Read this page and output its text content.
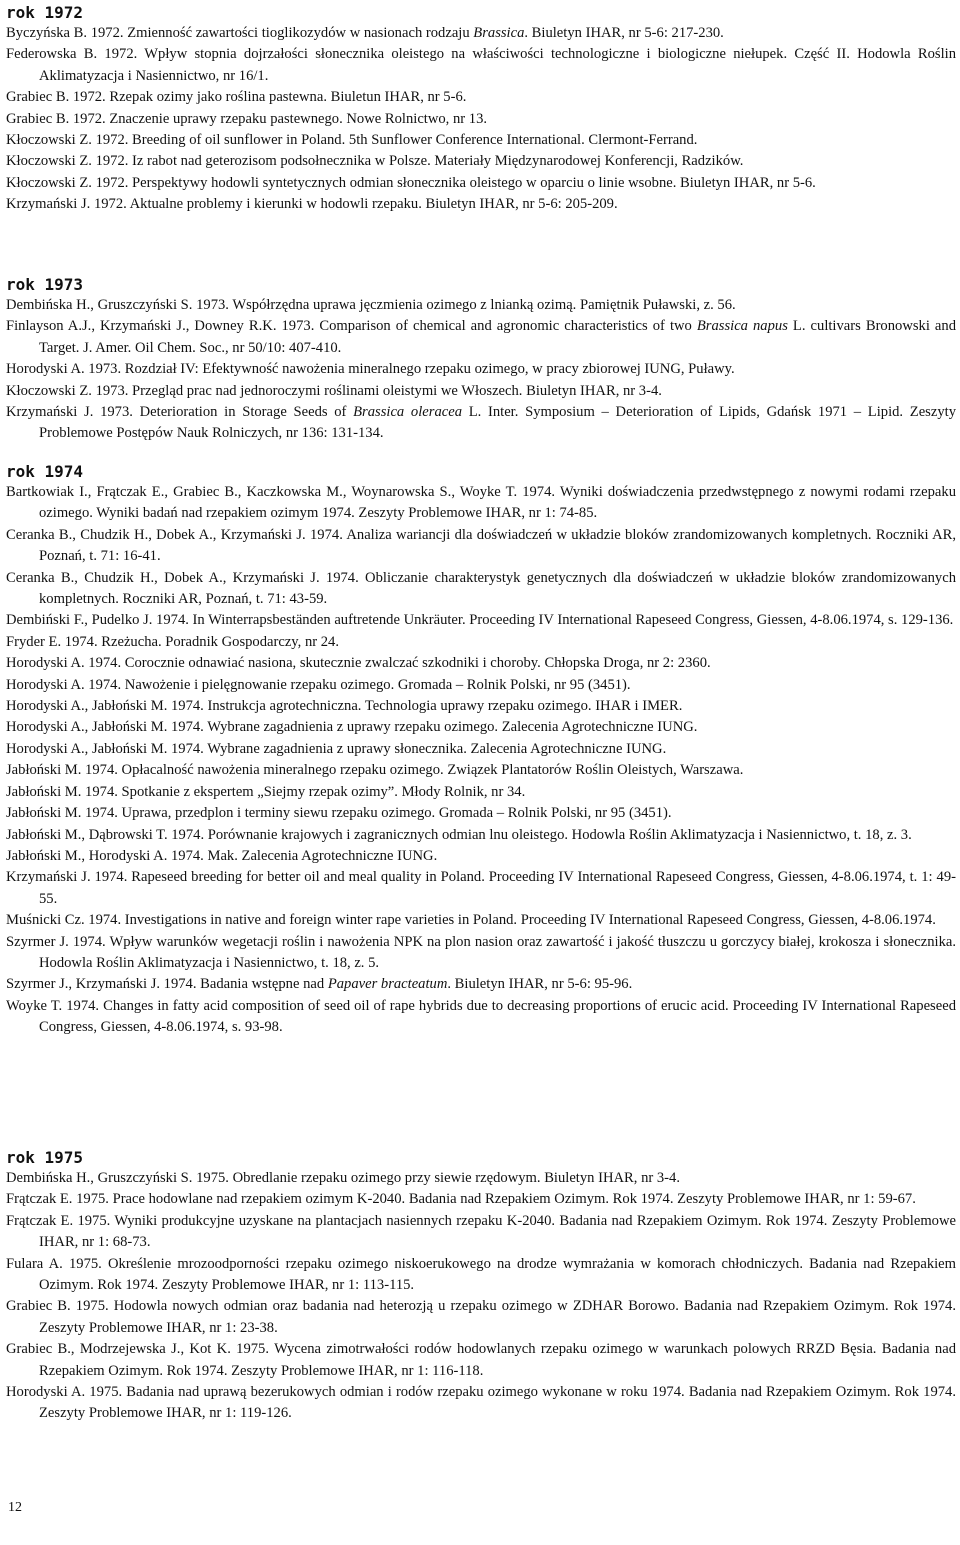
rok 1972

Byczyńska B. 1972. Zmienność zawartości tioglikozydów w nasionach rodzaju Brassica. Biuletyn IHAR, nr 5-6: 217-230.

Federowska B. 1972. Wpływ stopnia dojrzałości słonecznika oleistego na właściwości technologiczne i biologiczne niełupek. Część II. Hodowla Roślin Aklimatyzacja i Nasiennictwo, nr 16/1.

Grabiec B. 1972. Rzepak ozimy jako roślina pastewna. Biuletun IHAR, nr 5-6.

Grabiec B. 1972. Znaczenie uprawy rzepaku pastewnego. Nowe Rolnictwo, nr 13.

Kłoczowski Z. 1972. Breeding of oil sunflower in Poland. 5th Sunflower Conference International. Clermont-Ferrand.

Kłoczowski Z. 1972. Iz rabot nad geterozisom podsołnecznika w Polsze. Materiały Międzynarodowej Konferencji, Radzików.

Kłoczowski Z. 1972. Perspektywy hodowli syntetycznych odmian słonecznika oleistego w oparciu o linie wsobne. Biuletyn IHAR, nr 5-6.

Krzymański J. 1972. Aktualne problemy i kierunki w hodowli rzepaku. Biuletyn IHAR, nr 5-6: 205-209.

rok 1973

Dembińska H., Gruszczyński S. 1973. Współrzędna uprawa jęczmienia ozimego z lnianką ozimą. Pamiętnik Puławski, z. 56.

Finlayson A.J., Krzymański J., Downey R.K. 1973. Comparison of chemical and agronomic characteristics of two Brassica napus L. cultivars Bronowski and Target. J. Amer. Oil Chem. Soc., nr 50/10: 407-410.

Horodyski A. 1973. Rozdział IV: Efektywność nawożenia mineralnego rzepaku ozimego, w pracy zbiorowej IUNG, Puławy.

Kłoczowski Z. 1973. Przegląd prac nad jednoroczymi roślinami oleistymi we Włoszech. Biuletyn IHAR, nr 3-4.

Krzymański J. 1973. Deterioration in Storage Seeds of Brassica oleracea L. Inter. Symposium – Deterioration of Lipids, Gdańsk 1971 – Lipid. Zeszyty Problemowe Postępów Nauk Rolniczych, nr 136: 131-134.

rok 1974

Bartkowiak I., Frątczak E., Grabiec B., Kaczkowska M., Woynarowska S., Woyke T. 1974. Wyniki doświadczenia przedwstępnego z nowymi rodami rzepaku ozimego. Wyniki badań nad rzepakiem ozimym 1974. Zeszyty Problemowe IHAR, nr 1: 74-85.

Ceranka B., Chudzik H., Dobek A., Krzymański J. 1974. Analiza wariancji dla doświadczeń w układzie bloków zrandomizowanych kompletnych. Roczniki AR, Poznań, t. 71: 16-41.

Ceranka B., Chudzik H., Dobek A., Krzymański J. 1974. Obliczanie charakterystyk genetycznych dla doświadczeń w układzie bloków zrandomizowanych kompletnych. Roczniki AR, Poznań, t. 71: 43-59.

Dembiński F., Pudelko J. 1974. In Winterrapsbeständen auftretende Unkräuter. Proceeding IV International Rapeseed Congress, Giessen, 4-8.06.1974, s. 129-136.

Fryder E. 1974. Rzeżucha. Poradnik Gospodarczy, nr 24.

Horodyski A. 1974. Corocznie odnawiać nasiona, skutecznie zwalczać szkodniki i choroby. Chłopska Droga, nr 2: 2360.

Horodyski A. 1974. Nawożenie i pielęgnowanie rzepaku ozimego. Gromada – Rolnik Polski, nr 95 (3451).

Horodyski A., Jabłoński M. 1974. Instrukcja agrotechniczna. Technologia uprawy rzepaku ozimego. IHAR i IMER.

Horodyski A., Jabłoński M. 1974. Wybrane zagadnienia z uprawy rzepaku ozimego. Zalecenia Agrotechniczne IUNG.

Horodyski A., Jabłoński M. 1974. Wybrane zagadnienia z uprawy słonecznika. Zalecenia Agrotechniczne IUNG.

Jabłoński M. 1974. Opłacalność nawożenia mineralnego rzepaku ozimego. Związek Plantatorów Roślin Oleistych, Warszawa.

Jabłoński M. 1974. Spotkanie z ekspertem „Siejmy rzepak ozimy”. Młody Rolnik, nr 34.

Jabłoński M. 1974. Uprawa, przedplon i terminy siewu rzepaku ozimego. Gromada – Rolnik Polski, nr 95 (3451).

Jabłoński M., Dąbrowski T. 1974. Porównanie krajowych i zagranicznych odmian lnu oleistego. Hodowla Roślin Aklimatyzacja i Nasiennictwo, t. 18, z. 3.

Jabłoński M., Horodyski A. 1974. Mak. Zalecenia Agrotechniczne IUNG.

Krzymański J. 1974. Rapeseed breeding for better oil and meal quality in Poland. Proceeding IV International Rapeseed Congress, Giessen, 4-8.06.1974, t. 1: 49-55.

Muśnicki Cz. 1974. Investigations in native and foreign winter rape varieties in Poland. Proceeding IV International Rapeseed Congress, Giessen, 4-8.06.1974.

Szyrmer J. 1974. Wpływ warunków wegetacji roślin i nawożenia NPK na plon nasion oraz zawartość i jakość tłuszczu u gorczycy białej, krokosza i słonecznika. Hodowla Roślin Aklimatyzacja i Nasiennictwo, t. 18, z. 5.

Szyrmer J., Krzymański J. 1974. Badania wstępne nad Papaver bracteatum. Biuletyn IHAR, nr 5-6: 95-96.

Woyke T. 1974. Changes in fatty acid composition of seed oil of rape hybrids due to decreasing proportions of erucic acid. Proceeding IV International Rapeseed Congress, Giessen, 4-8.06.1974, s. 93-98.

rok 1975

Dembińska H., Gruszczyński S. 1975. Obredlanie rzepaku ozimego przy siewie rzędowym. Biuletyn IHAR, nr 3-4.

Frątczak E. 1975. Prace hodowlane nad rzepakiem ozimym K-2040. Badania nad Rzepakiem Ozimym. Rok 1974. Zeszyty Problemowe IHAR, nr 1: 59-67.

Frątczak E. 1975. Wyniki produkcyjne uzyskane na plantacjach nasiennych rzepaku K-2040. Badania nad Rzepakiem Ozimym. Rok 1974. Zeszyty Problemowe IHAR, nr 1: 68-73.

Fulara A. 1975. Określenie mrozoodporności rzepaku ozimego niskoerukowego na drodze wymrażania w komorach chłodniczych. Badania nad Rzepakiem Ozimym. Rok 1974. Zeszyty Problemowe IHAR, nr 1: 113-115.

Grabiec B. 1975. Hodowla nowych odmian oraz badania nad heterozją u rzepaku ozimego w ZDHAR Borowo. Badania nad Rzepakiem Ozimym. Rok 1974. Zeszyty Problemowe IHAR, nr 1: 23-38.

Grabiec B., Modrzejewska J., Kot K. 1975. Wycena zimotrwałości rodów hodowlanych rzepaku ozimego w warunkach polowych RRZD Bęsia. Badania nad Rzepakiem Ozimym. Rok 1974. Zeszyty Problemowe IHAR, nr 1: 116-118.

Horodyski A. 1975. Badania nad uprawą bezerukowych odmian i rodów rzepaku ozimego wykonane w roku 1974. Badania nad Rzepakiem Ozimym. Rok 1974. Zeszyty Problemowe IHAR, nr 1: 119-126.

12
